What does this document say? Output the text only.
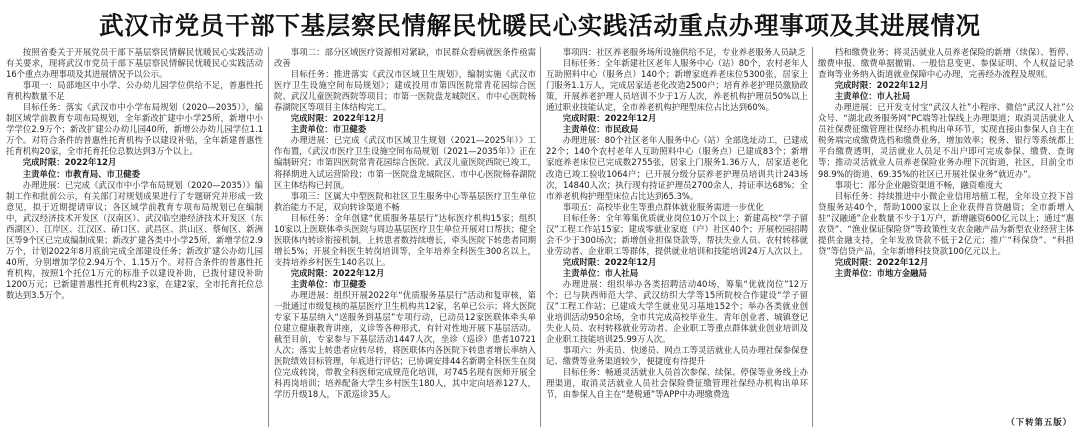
武汉市党员干部下基层察民情解民忧暖民心实践活动重点办理事项及其进展情况

按照省委关于开展党员干部下基层察民情解民忧暖民心实践活动有关要求，现将武汉市党员干部下基层察民情解民忧暖民心实践活动16个重点办理事项及其进展情况予以公示。

事项一：局部地区中小学、公办幼儿园学位供给不足，普惠性托育机构数量不足

目标任务：落实《武汉市中小学布局规划（2020—2035）》，编制区域学前教育专项布局规划，全年新改扩建中小学25所，新增中小学学位2.9万个；新改扩建公办幼儿园40所，新增公办幼儿园学位1.1万个。对符合条件的普惠性托育机构予以建设补贴，全年新建普惠性托育机构20家，全市托育托位总数达到3万个以上。

完成时限：2022年12月

主责单位：市教育局、市卫健委

办理进展：已完成《武汉市中小学布局规划（2020—2035）》编制工作和批前公示，有关部门对规划成果进行了专题研究并形成一致意见，拟于近期提请审议；各区域学前教育专项布局规划已在编制中，武汉经济技术开发区（汉南区）、武汉临空港经济技术开发区（东西湖区）、江岸区、江汉区、硚口区、武昌区、洪山区、蔡甸区、新洲区等9个区已完成编制成果；新改扩建各类中小学25所，新增学位2.9万个，计划2022年8月底前完成全部建设任务；新改扩建公办幼儿园40所，分别增加学位2.94万个、1.15万个。对符合条件的普惠性托育机构，按照1个托位1万元的标准予以建设补助，已拨付建设补助1200万元；已新建普惠性托育机构23家，在建2家，全市托育托位总数达到3.5万个。

事项二：部分区域医疗资源相对紧缺，市民群众看病就医条件亟需改善

目标任务：推进落实《武汉市区域卫生规划》，编制实施《武汉市医疗卫生设施空间布局规划》；建成投用市第四医院常青花园综合医院、武汉儿童医院西院等项目；市第一医院盘龙城院区、市中心医院杨春湖院区等项目主体结构完工。

完成时限：2022年12月

主责单位：市卫健委

办理进展：已完成《武汉市区域卫生规划（2021—2025年）》工作布置，《武汉市医疗卫生设施空间布局规划（2021—2035年）》正在编制研究；市第四医院常青花园综合医院、武汉儿童医院西院已竣工，将择期进入试运营阶段；市第一医院盘龙城院区、市中心医院杨春湖院区主体结构已封顶。

事项三：区属大中型医院和社区卫生服务中心等基层医疗卫生单位救治能力不足，双向转诊渠道不畅

目标任务：全年创建“优质服务基层行”达标医疗机构15家；组织10家以上医联体牵头医院与周边基层医疗卫生单位开展对口帮扶；健全医联体内转诊衔接机制，上转患者数持续增长，牵头医院下转患者同期增长5%；开展全科医生转岗培训等，全年培养全科医生300名以上，支持培养乡村医生140名以上。

完成时限：2022年12月

主责单位：市卫健委

办理进展：组织开展2022年“优质服务基层行”活动和复审核，第一批通过市级复核的基层医疗卫生机构共12家，名单已公示；将大医院专家下基层纳入“送服务到基层”专项行动，已动员12家医联体牵头单位建立健康教育讲座，义诊等各种形式，有针对性地开展下基层活动。截至目前，专家参与下基层活动1447人次，坐诊（巡诊）患者10721人次；落实上转患者应转尽转，将医联体内各医院下转患者增长率纳入医院绩效目标管理，年底进行评估；已协调安排44名新聘全科医生在岗位完成转岗，带教全科医师完成规范化培训，对745名现有医师开展全科再岗培训；培养配备大学生乡村医生180人，其中定向培养127人，学历升级18人，下派巡诊35人。

事项四：社区养老服务场所设施供给不足，专业养老服务人员缺乏

目标任务：全年新建社区老年人服务中心（站）80个，农村老年人互助照料中心（服务点）140个；新增家庭养老床位5300张，居家上门服务1.1万人，完成居家适老化改造2500户；培育养老护理员激励政策，开展养老护理人员培训不少于1万人次，养老机构护理员50%以上通过职业技能认定，全市养老机构护理型床位占比达到60%。

完成时限：2022年12月

主责单位：市民政局

办理进展：80个社区老年人服务中心（站）全部选址动工，已建成22个；140个农村老年人互助照料中心（服务点）已建成83个；新增家庭养老床位已完成数2755张，居家上门服务1.36万人，居家适老化改造已竣工验收1064户；已开展分级分层养老护理员培训共计243场次，14840人次；执行现有持证护理员2700余人，持证率达68%；全市养老机构护理型床位占比达到65.3%。

事项五：高校毕业生等重点群体就业服务需进一步优化

目标任务：全年筹集优质就业岗位10万个以上；新建高校“学子留汉”工程工作站15家；建成零就业家庭（户）社区40个；开展校园招聘会不少于300场次；新增创业担保贷款等，帮扶失业人员、农村转移就业劳动者、企业职工等群体，提供就业培训和技能培训24万人次以上。

完成时限：2022年12月

主责单位：市人社局

办理进展：组织举办各类招聘活动40场，筹集“优就岗位”12万个；已与陕西师范大学、武汉纺织大学等15所院校合作建设“学子留汉”工程工作站；已建成大学生就业见习基地152个；举办各类就业创业培训活动950余场，全市共完成高校毕业生、青年创业者、城镇登记失业人员、农村转移就业劳动者、企业职工等重点群体就业创业培训及企业职工技能培训25.99万人次。

事项六：外卖员、快递员、网点工等灵活就业人员办理社保参保登记、缴费等业务渠道较少，便捷度有待提升

目标任务：畅通灵活就业人员首次参保、续保、停保等业务线上办理渠道，取消灵活就业人员社会保险费征缴管理社保经办机构出单环节，由参保人自主在“楚税通”等APP中办理缴费选

档和缴费业务；将灵活就业人员养老保险的新增（续保）、暂停、缴费申报、缴费单据撤销、一般信息变更、参保证明、个人权益记录查询等业务纳入街道就业保障中心办理，完善经办流程及规则。

完成时限：2022年12月

主责单位：市人社局

办理进展：已开发支付宝“武汉人社”小程序、微信“武汉人社”公众号、“湖北政务服务网”PC端等社保线上办理渠道；取消灵活就业人员社保费征缴管理社保经办机构出单环节，实现直接由参保人自主在税务端完成缴费选档和缴费业务，增加效率；税务、银行等系统都上平台缴费透明，灵活就业人员足不出户即可完成参保、缴费、查询等；推动灵活就业人员养老保险业务办理下沉街道，社区，目前全市98.9%的街道、69.35%的社区已开展社保业务“就近办”。

事项七：部分企业融资渠道不畅，融资难度大

目标任务：持续推进中小微企业信用培植工程，全年设立投下首贷服务站40个，帮助1000家以上企业获得首贷融资；全市新增入驻“汉融通”企业数量不少于1万户，新增融资600亿元以上；通过“惠农贷”、“渔业保证保险贷”等政策性支农金融产品为新型农业经营主体提供金融支持，全年发放贷款不低于2亿元；推广“科保贷”、“科担贷”等信贷产品，全年新增科技贷款100亿元以上。

完成时限：2022年12月

主责单位：市地方金融局

（下转第五版）
